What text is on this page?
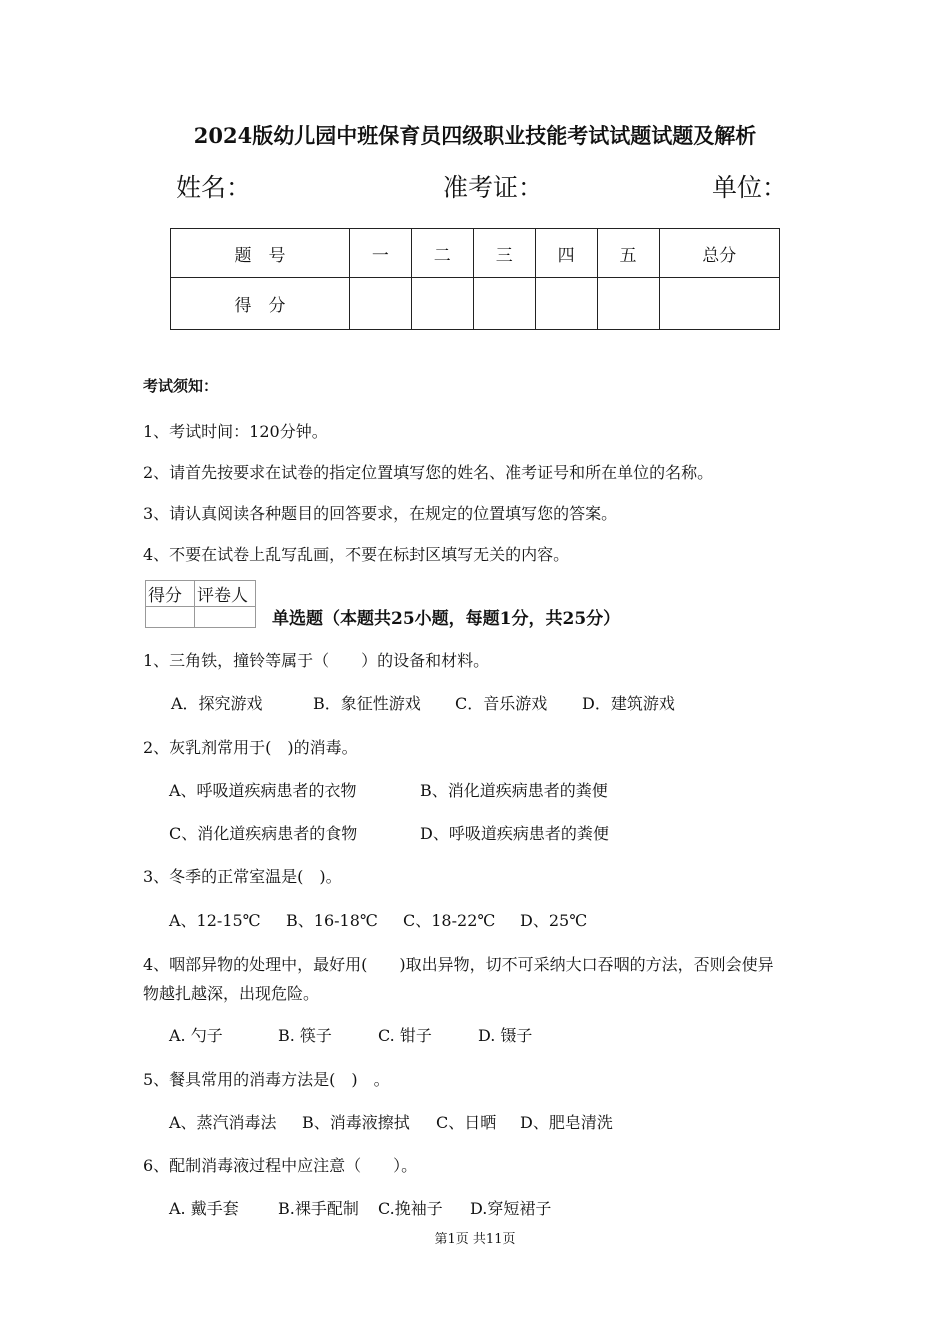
2024版幼儿园中班保育员四级职业技能考试试题试题及解析
姓名：	准考证：	单位：
题　号	一	二	三	四	五	总分
得　分						
考试须知：
1、考试时间：120分钟。
2、请首先按要求在试卷的指定位置填写您的姓名、准考证号和所在单位的名称。
3、请认真阅读各种题目的回答要求，在规定的位置填写您的答案。
4、不要在试卷上乱写乱画，不要在标封区填写无关的内容。
得分	评卷人

单选题（本题共25小题，每题1分，共25分）
1、三角铁，撞铃等属于（　　）的设备和材料。
A．探究游戏	B．象征性游戏 C．音乐游戏 D．建筑游戏
2、灰乳剂常用于(　)的消毒。
A、呼吸道疾病患者的衣物	B、消化道疾病患者的粪便
C、消化道疾病患者的食物	D、呼吸道疾病患者的粪便
3、冬季的正常室温是(　)。
A、12-15℃ B、16-18℃ C、18-22℃ D、25℃
4、咽部异物的处理中，最好用(　　)取出异物，切不可采纳大口吞咽的方法，否则会使异
物越扎越深，出现危险。
A. 勺子	B. 筷子	C. 钳子	D. 镊子
5、餐具常用的消毒方法是(　)　。
A、蒸汽消毒法 B、消毒液擦拭 C、日晒 D、肥皂清洗
6、配制消毒液过程中应注意（　　）。
A. 戴手套 B.裸手配制 C.挽袖子 D.穿短裙子
第1页 共11页
